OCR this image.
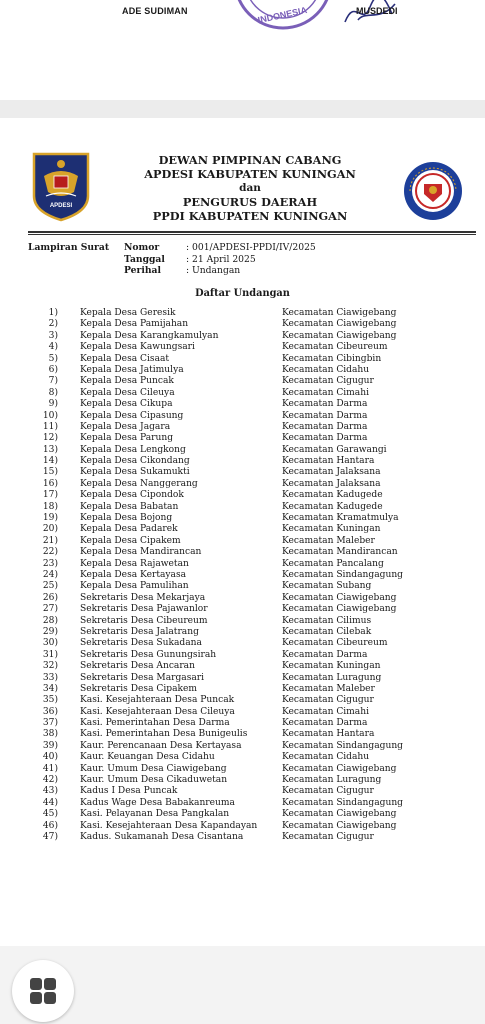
INDONESIA
ADE SUDIMAN	MUSDEDI
APDESI
DEWAN PIMPINAN CABANG
APDESI KABUPATEN KUNINGAN
dan
PENGURUS DAERAH
PPDI KABUPATEN KUNINGAN
Lampiran Surat Nomor	: 001/APDESI-PPDI/IV/2025
Tanggal : 21 April 2025
Perihal	: Undangan
Daftar Undangan
1) Kepala Desa Geresik	Kecamatan Ciawigebang
2) Kepala Desa Pamijahan	Kecamatan Ciawigebang
3) Kepala Desa Karangkamulyan	Kecamatan Ciawigebang
4) Kepala Desa Kawungsari	Kecamatan Cibeureum
5) Kepala Desa Cisaat	Kecamatan Cibingbin
6) Kepala Desa Jatimulya	Kecamatan Cidahu
7) Kepala Desa Puncak	Kecamatan Cigugur
8) Kepala Desa Cileuya	Kecamatan Cimahi
9) Kepala Desa Cikupa	Kecamatan Darma
10) Kepala Desa Cipasung	Kecamatan Darma
11) Kepala Desa Jagara	Kecamatan Darma
12) Kepala Desa Parung	Kecamatan Darma
13) Kepala Desa Lengkong	Kecamatan Garawangi
14) Kepala Desa Cikondang	Kecamatan Hantara
15) Kepala Desa Sukamukti	Kecamatan Jalaksana
16) Kepala Desa Nanggerang	Kecamatan Jalaksana
17) Kepala Desa Cipondok	Kecamatan Kadugede
18) Kepala Desa Babatan	Kecamatan Kadugede
19) Kepala Desa Bojong	Kecamatan Kramatmulya
20) Kepala Desa Padarek	Kecamatan Kuningan
21) Kepala Desa Cipakem	Kecamatan Maleber
22) Kepala Desa Mandirancan	Kecamatan Mandirancan
23) Kepala Desa Rajawetan	Kecamatan Pancalang
24) Kepala Desa Kertayasa	Kecamatan Sindangagung
25) Kepala Desa Pamulihan	Kecamatan Subang
26) Sekretaris Desa Mekarjaya	Kecamatan Ciawigebang
27) Sekretaris Desa Pajawanlor	Kecamatan Ciawigebang
28) Sekretaris Desa Cibeureum	Kecamatan Cilimus
29) Sekretaris Desa Jalatrang	Kecamatan Cilebak
30) Sekretaris Desa Sukadana	Kecamatan Cibeureum
31) Sekretaris Desa Gunungsirah	Kecamatan Darma
32) Sekretaris Desa Ancaran	Kecamatan Kuningan
33) Sekretaris Desa Margasari	Kecamatan Luragung
34) Sekretaris Desa Cipakem	Kecamatan Maleber
35) Kasi. Kesejahteraan Desa Puncak	Kecamatan Cigugur
36) Kasi. Kesejahteraan Desa Cileuya	Kecamatan Cimahi
37) Kasi. Pemerintahan Desa Darma	Kecamatan Darma
38) Kasi. Pemerintahan Desa Bunigeulis	Kecamatan Hantara
39) Kaur. Perencanaan Desa Kertayasa	Kecamatan Sindangagung
40) Kaur. Keuangan Desa Cidahu	Kecamatan Cidahu
41) Kaur. Umum Desa Ciawigebang	Kecamatan Ciawigebang
42) Kaur. Umum Desa Cikaduwetan	Kecamatan Luragung
43) Kadus I Desa Puncak	Kecamatan Cigugur
44) Kadus Wage Desa Babakanreuma	Kecamatan Sindangagung
45) Kasi. Pelayanan Desa Pangkalan	Kecamatan Ciawigebang
46) Kasi. Kesejahteraan Desa Kapandayan	Kecamatan Ciawigebang
47) Kadus. Sukamanah Desa Cisantana	Kecamatan Cigugur
